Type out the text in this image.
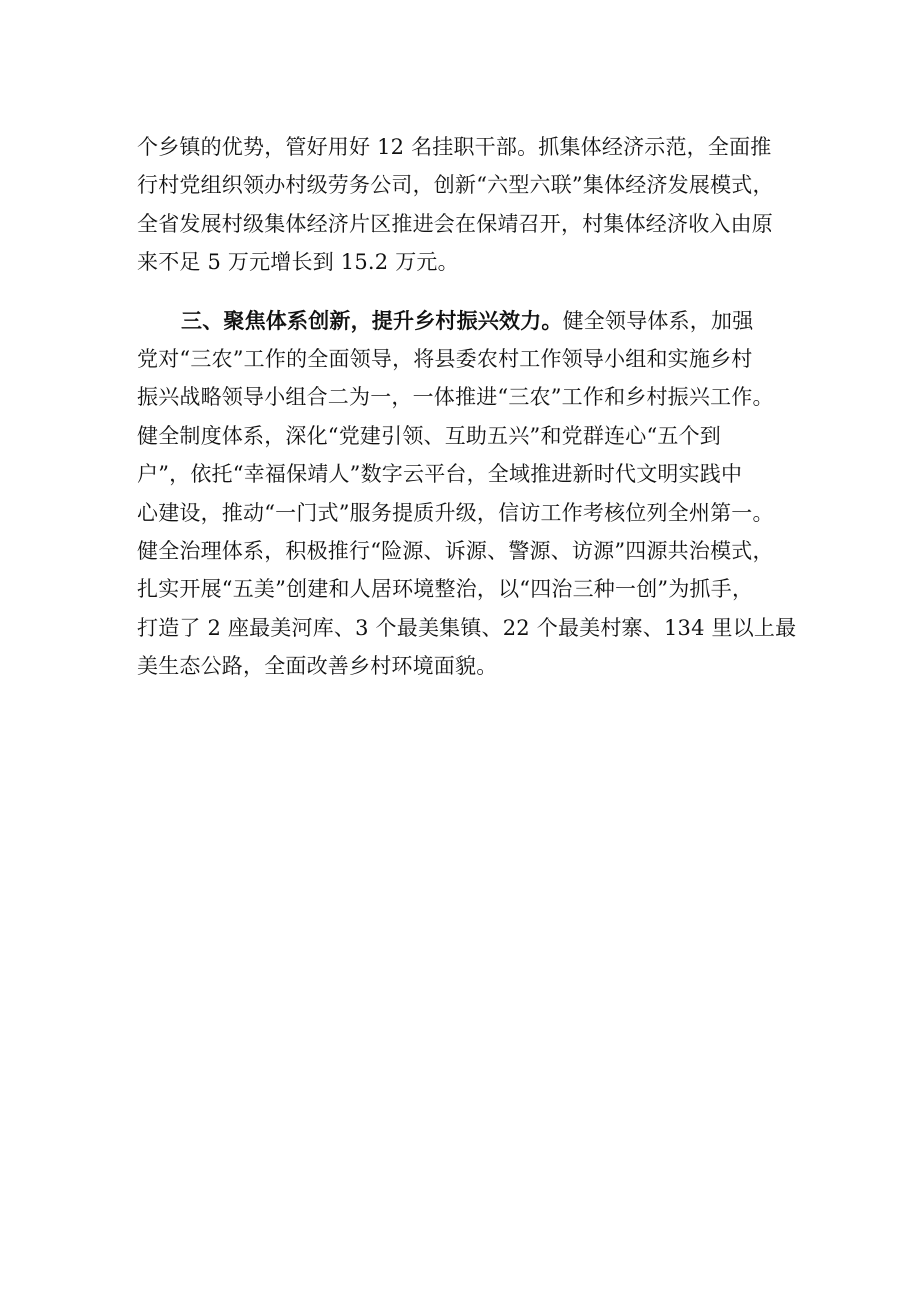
个乡镇的优势，管好用好 12 名挂职干部。抓集体经济示范，全面推
行村党组织领办村级劳务公司，创新“六型六联”集体经济发展模式，
全省发展村级集体经济片区推进会在保靖召开，村集体经济收入由原
来不足 5 万元增长到 15.2 万元。
三、聚焦体系创新，提升乡村振兴效力。健全领导体系，加强
党对“三农”工作的全面领导，将县委农村工作领导小组和实施乡村
振兴战略领导小组合二为一，一体推进“三农”工作和乡村振兴工作。
健全制度体系，深化“党建引领、互助五兴”和党群连心“五个到
户”，依托“幸福保靖人”数字云平台，全域推进新时代文明实践中
心建设，推动“一门式”服务提质升级，信访工作考核位列全州第一。
健全治理体系，积极推行“险源、诉源、警源、访源”四源共治模式，
扎实开展“五美”创建和人居环境整治，以“四治三种一创”为抓手，
打造了 2 座最美河库、3 个最美集镇、22 个最美村寨、134 里以上最
美生态公路，全面改善乡村环境面貌。
